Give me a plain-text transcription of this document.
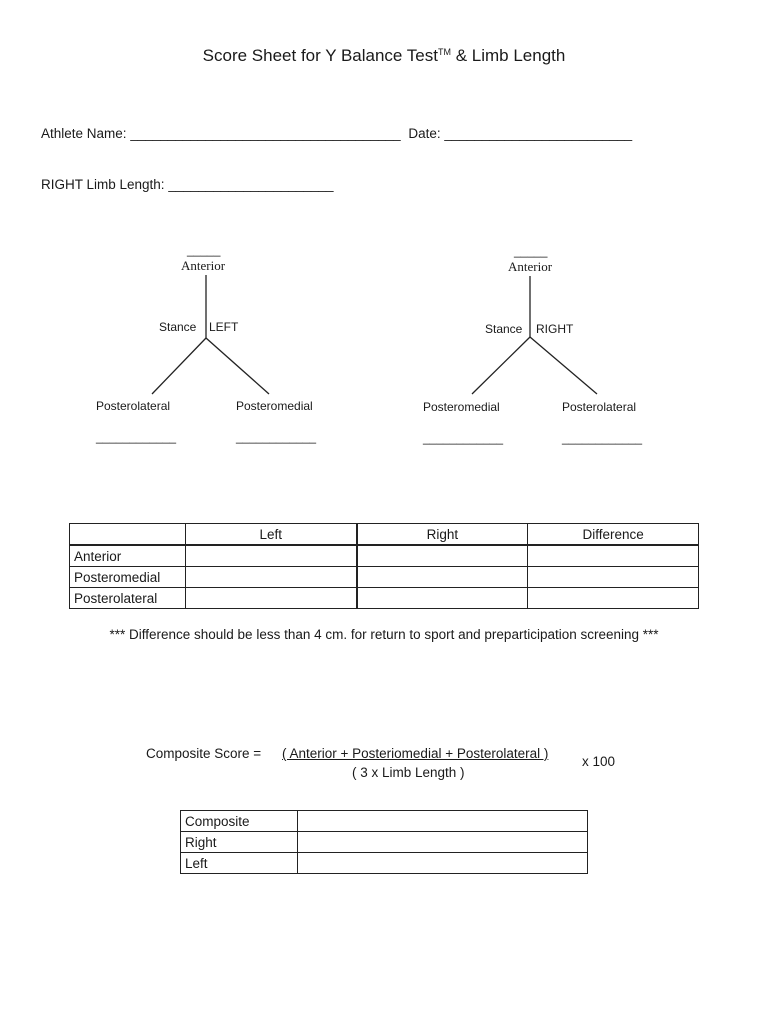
Score Sheet for Y Balance Test™ & Limb Length
Athlete Name: ____________________________________ Date: _________________________
RIGHT Limb Length: ______________________
_____
Anterior
Stance LEFT
Posterolateral	Posteromedial
____________	____________
_____
Anterior
Stance RIGHT
Posteromedial	Posterolateral
____________	____________
	Left	Right	Difference
Anterior			
Posteromedial			
Posterolateral			
*** Difference should be less than 4 cm. for return to sport and preparticipation screening ***
Composite Score = ( Anterior + Posteriomedial + Posterolateral )
( 3 x Limb Length )
x 100
Composite	
Right	
Left	
